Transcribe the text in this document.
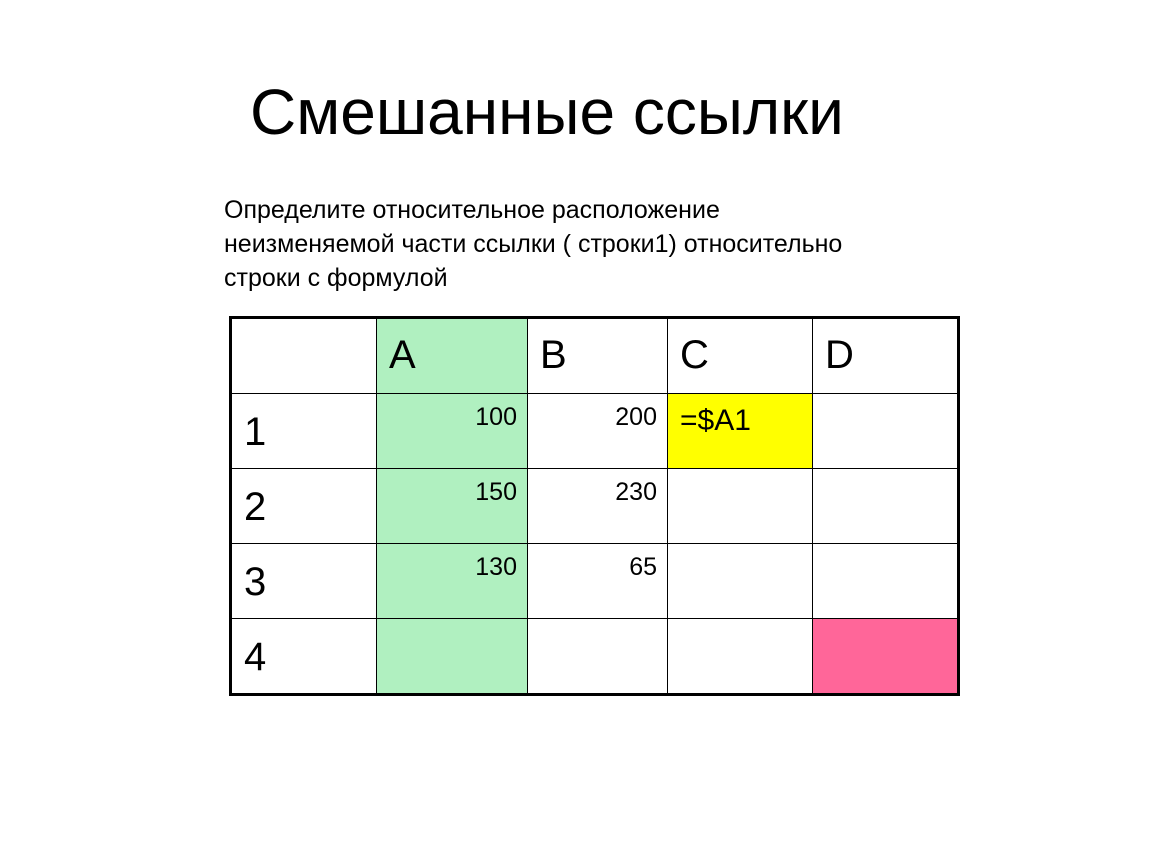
Смешанные ссылки
Определите относительное расположение
неизменяемой части ссылки ( строки1) относительно
строки с формулой

	A	B	C	D

1	100	200	=$A1	

2	150	230		

3	130	65		

4				
